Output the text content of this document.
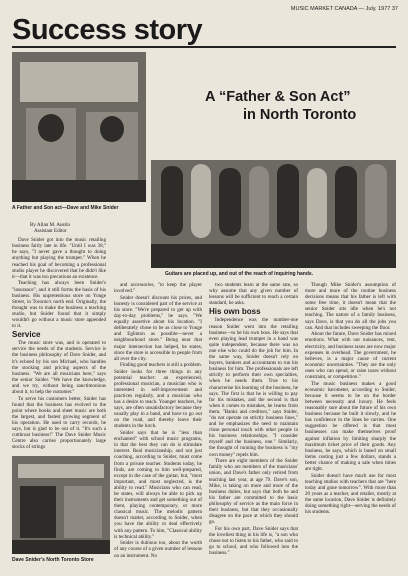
MUSIC MARKET CANADA — July, 1977 37
Success story
A Father and Son act—Dave and Mike Snider
A “Father & Son Act”
in North Toronto
Guitars are placed up, and out of the reach of inquiring hands.
Dave Snider's North Toronto Store
By Allan M. Austin
Assistant Editor

Dave Snider got into the music retailing business fairly late in life. "Until I was 38," he says, "I never gave a thought to doing anything but playing the trumpet." When he reached his goal of becoming a professional studio player he discovered that he didn't like it—that it was too precarious an existence.

Teaching has always been Snider's "insurance", and it still forms the basis of his business. His unpretentious store on Yonge Street, in Toronto's north end. Originally, the thought was to make the business a teaching studio, but Snider found that it simply wouldn't go without a music store appended to it.

Service

The music store was, and is operated to service the needs of the students. Service is the business philosophy of Dave Snider, and it's echoed by his son Michael, who handles the stocking and pricing aspects of the business. "We are all musicians here," says the senior Snider. "We have the knowledge, and we try, without being sanctimonious about it, to help the customer."

To serve his customers better, Snider has found that the business has evolved to the point where books and sheet music are both the largest, and fastest growing segment of his operation. He used to carry records, he says, but is glad to be out of it. "It's such a cutthroat business!" The Dave Snider Music Centre also carries proportionately large stocks of strings

and accessories, "to keep the player involved."

Snider doesn't discount his prices, and honesty is considered part of the service at his store. "We're prepared to get up with day-to-day problems," he says. "We equally assertive about his location. "I deliberately chose to be as close to Yonge and Eglinton as possible—never a neighbourhood store." Being near that major intersection has helped, he states, since the store is accessible to people from all over the city.

Finding good teachers is still a problem. Snider looks for three things in any potential teacher: an experienced, professional musician, a musician who is interested in self-improvement and practices regularly, and a musician who has a desire to teach. Younger teachers, he says, are often unsatisfactory because they usually play in a band, and have to go out on the road, and thereby leave their students in the lurch.

Snider says that he is "less than enchanted" with school music programs, in that the best they can do is stimulate interest. Real musicianship, and not just coaching, according to Snider, must come from a private teacher. Students today, he finds, are coming to him well-prepared, except in the case of the guitar, but, "most important, and most neglected, is the ability to read." Musicians who can read, he states, will always be able to pick up their instruments and get something out of them, playing contemporary, or more classical music. The melodic pattern doesn't matter, according to Snider, when you have the ability to deal effectively with any pattern. To him, "Classical ability is technical ability."

Snider is dubious too, about the worth of any course of a given number of lessons on an instrument. No

two students learn at the same rate, so why assume that any given number of lessons will be sufficient to reach a certain standard, he asks.

His own boss

Independence was the number-one reason Snider went into the retailing business—to be his own boss. He says that even playing lead trumpet in a band was quite independent, because there was no one else who could do the job for him. In the same way, Snider doesn't rely on buyers, bankers and accountants to run his business for him. The professionals are left strictly to perform their own specialties, when he needs them. True to his characterise his learning of the business, he says. The first is that he is willing to pay for his mistakes, and the second is that when it comes to mistakes, he learns from them. "Banks and creditors," says Snider, "do not operate on strictly business lines," and he emphasizes the need to maintain close personal touch with other people in his business relationships. "I consider myself and the business, one." Similarly, the thought of running the business is "my own money" repels him.

There are eight members of the Snider family who are members of the musicians' union, and Dave's father only retired from teaching last year, at age 79. Dave's son, Mike, is taking on more and more of the business duties, but says that both he and his father are committed to the basic philosophy of service as the main force in their business, but that they occasionally disagree on the pace at which they should go.

For his own part, Dave Snider says that the loveliest thing in his life is, "a son who chose not to listen to his father, who said to go to school, and who followed into the business."

Though Mike Snider's assumption of more and more of the routine business decisions means that his father is left with some free time, it doesn't mean that the senior Snider sits idle when he's not teaching. The nature of a family business, says Dave, is that you do all the jobs you can. And that includes sweeping the floor.

About the future, Dave Snider has mixed emotions. What with our nuisances, rent, electricity, and business taxes are now major expenses in overhead. The government, he believes, is a major cause of current economic uncertainties. "They are the only ones who can spend, or raise taxes without constraint, or competition."

The music business makes a good economic barometer, according to Snider, because it seems to be on the border between necessity and luxury. He feels reasonably sure about the future of his own business because he built it slowly, and he has confidence in the lines he carries. One suggestion he offered is that most businesses can make themselves proof against inflation by limiting sharply the maximum ticket price of their goods. Any business, he says, which is based on small items costing just a few dollars, stands a better chance of making a sale when times are tight.

Snider doesn't have much use for most teaching studios with teachers that are "here today and gone tomorrow". With more than 20 years as a teacher, and retailer, mostly at the same location, Dave Snider is definitely doing something right—serving the needs of his students.
